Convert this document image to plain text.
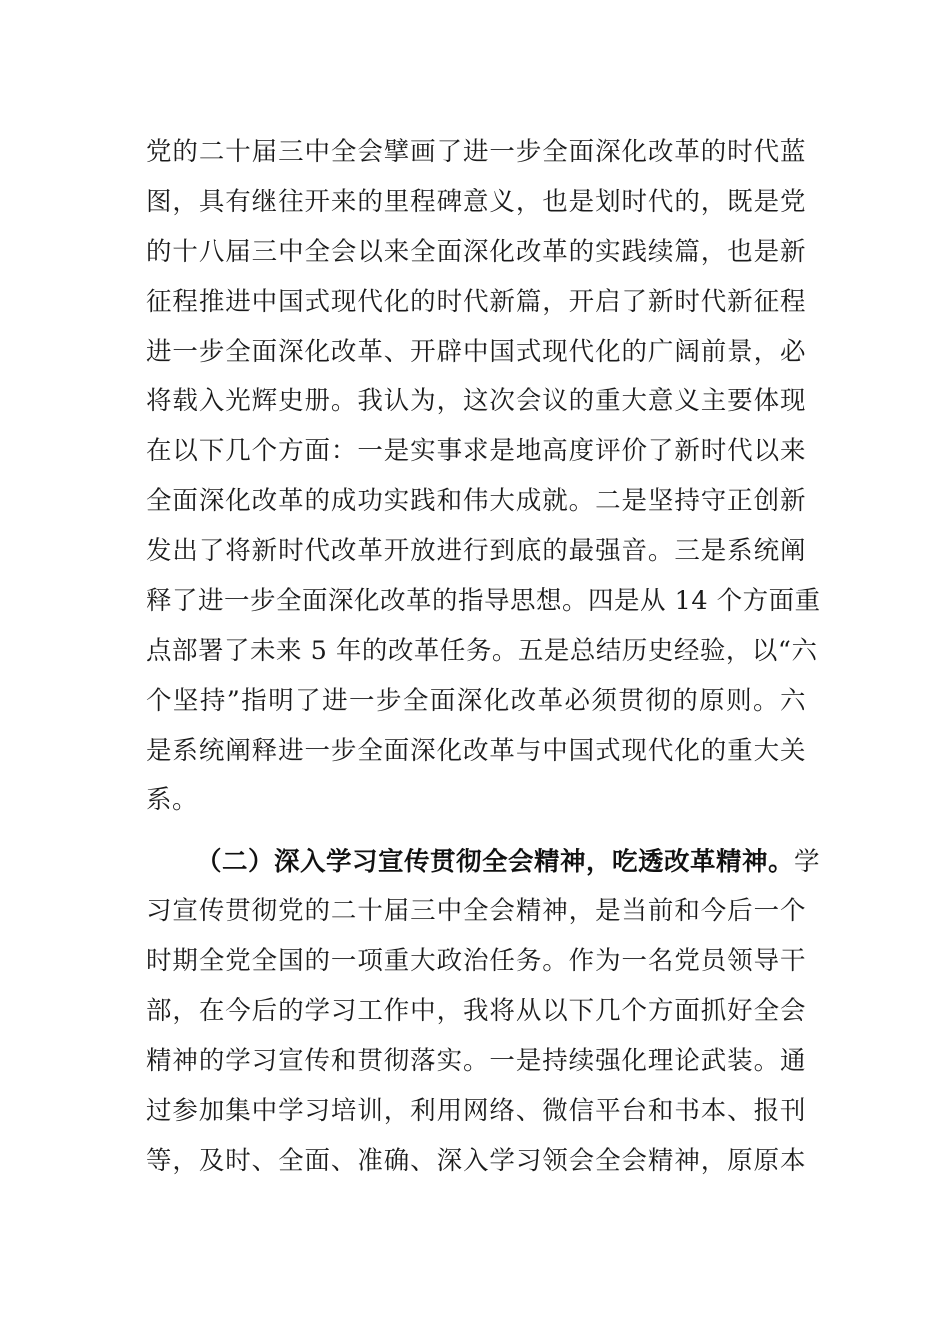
党的二十届三中全会擘画了进一步全面深化改革的时代蓝
图，具有继往开来的里程碑意义，也是划时代的，既是党
的十八届三中全会以来全面深化改革的实践续篇，也是新
征程推进中国式现代化的时代新篇，开启了新时代新征程
进一步全面深化改革、开辟中国式现代化的广阔前景，必
将载入光辉史册。我认为，这次会议的重大意义主要体现
在以下几个方面：一是实事求是地高度评价了新时代以来
全面深化改革的成功实践和伟大成就。二是坚持守正创新
发出了将新时代改革开放进行到底的最强音。三是系统阐
释了进一步全面深化改革的指导思想。四是从 14 个方面重
点部署了未来 5 年的改革任务。五是总结历史经验，以“六
个坚持”指明了进一步全面深化改革必须贯彻的原则。六
是系统阐释进一步全面深化改革与中国式现代化的重大关
系。
（二）深入学习宣传贯彻全会精神，吃透改革精神。学
习宣传贯彻党的二十届三中全会精神，是当前和今后一个
时期全党全国的一项重大政治任务。作为一名党员领导干
部，在今后的学习工作中，我将从以下几个方面抓好全会
精神的学习宣传和贯彻落实。一是持续强化理论武装。通
过参加集中学习培训，利用网络、微信平台和书本、报刊
等，及时、全面、准确、深入学习领会全会精神，原原本
